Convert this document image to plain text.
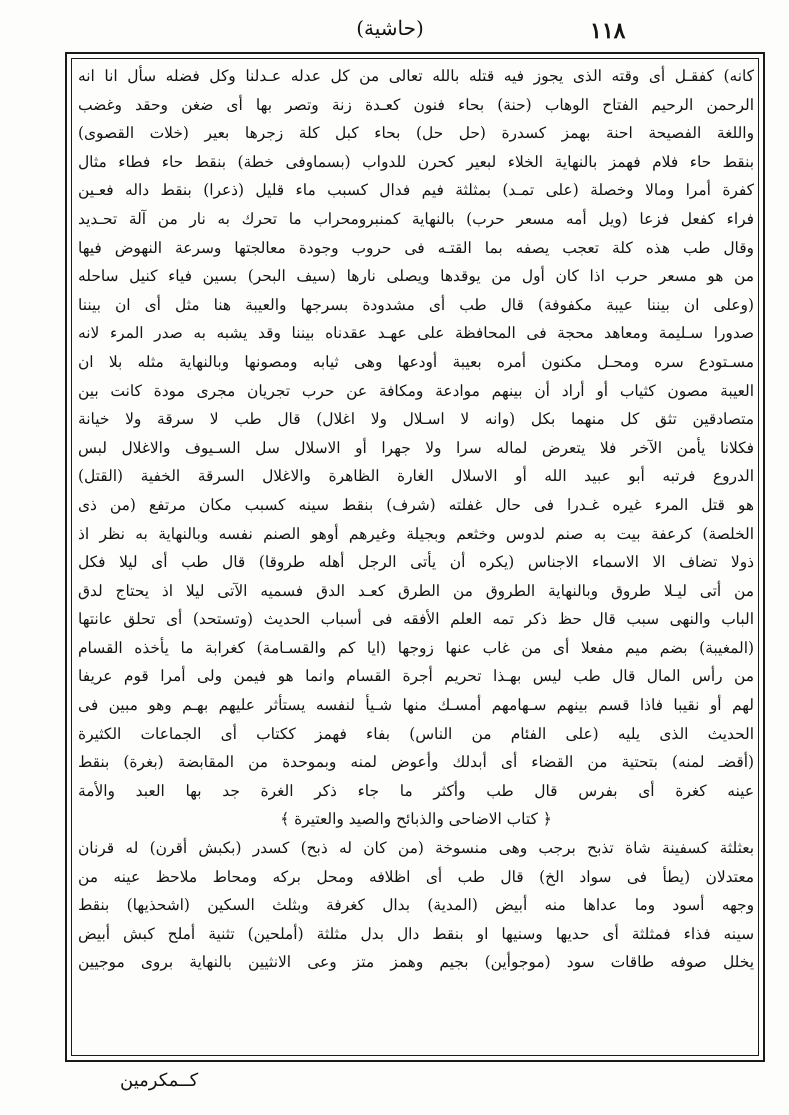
١١٨
(حاشية)
كانه) كفقـل أى وقته الذى يجوز فيه قتله بالله تعالى من كل عدله عـدلنا وكل فضله سأل انا انه
الرحمن الرحيم الفتاح الوهاب (حنة) بحاء فنون كعـدة زنة وتصر بها أى ضغن وحقد وغضب
واللغة الفصيحة احنة بهمز كسدرة (حل حل) بحاء كبل كلة زجرها بعير (خلات القصوى)
بنقط حاء فلام فهمز بالنهاية الخلاء لبعير كحرن للدواب (بسماوفى خطة) بنقط حاء فطاء مثال
كفرة أمرا ومالا وخصلة (على تمـد) بمثلثة فيم فدال كسبب ماء قليل (ذعرا) بنقط داله فعـين
فراء كفعل فزعا (ويل أمه مسعر حرب) بالنهاية كمنبرومحراب ما تحرك به نار من آلة تحـديد
وقال طب هذه كلة تعجب يصفه بما القتـه فى حروب وجودة معالجتها وسرعة النهوض فيها
من هو مسعر حرب اذا كان أول من يوقدها ويصلى نارها (سيف البحر) بسين فياء كنيل ساحله
(وعلى ان بيننا عيبة مكفوفة) قال طب أى مشدودة بسرجها والعيبة هنا مثل أى ان بيننا
صدورا سـليمة ومعاهد محجة فى المحافظة على عهـد عقدناه بيننا وقد يشبه به صدر المرء لانه
مسـتودع سره ومحـل مكنون أمره بعيبة أودعها وهى ثيابه ومصونها وبالنهاية مثله بلا ان
العيبة مصون كثياب أو أراد أن بينهم موادعة ومكافة عن حرب تجريان مجرى مودة كانت بين
متصادقين تثق كل منهما بكل (وانه لا اسـلال ولا اغلال) قال طب لا سرقة ولا خيانة
فكلانا يأمن الآخر فلا يتعرض لماله سرا ولا جهرا أو الاسلال سل السـيوف والاغلال لبس
الدروع فرتبه أبو عبيد الله أو الاسلال الغارة الظاهرة والاغلال السرقة الخفية (القتل)
هو قتل المرء غيره غـدرا فى حال غفلته (شرف) بنقط سينه كسبب مكان مرتفع (من ذى
الخلصة) كرعفة بيت به صنم لدوس وخثعم وبجيلة وغيرهم أوهو الصنم نفسه وبالنهاية به نظر اذ
ذولا تضاف الا الاسماء الاجناس (يكره أن يأتى الرجل أهله طروقا) قال طب أى ليلا فكل
من أتى ليـلا طروق وبالنهاية الطروق من الطرق كعـد الدق فسميه الآتى ليلا اذ يحتاج لدق
الباب والنهى سبب قال حظ ذكر تمه العلم الأفقه فى أسباب الحديث (وتستحد) أى تحلق عانتها
(المغيبة) بضم ميم مفعلا أى من غاب عنها زوجها (ايا كم والقسـامة) كغرابة ما يأخذه القسام
من رأس المال قال طب ليس بهـذا تحريم أجرة القسام وانما هو فيمن ولى أمرا قوم عريفا
لهم أو نقيبا فاذا قسم بينهم سـهامهم أمسـك منها شـيأ لنفسه يستأثر عليهم بهـم وهو مبين فى
الحديث الذى يليه (على الفئام من الناس) بفاء فهمز ككتاب أى الجماعات الكثيرة
(أقضـ لمنه) بتحتية من القضاء أى أبدلك وأعوض لمنه وبموحدة من المقابضة (بغرة) بنقط
عينه كغرة أى بفرس قال طب وأكثر ما جاء ذكر الغرة جد بها العبد والأمة
﴿ كتاب الاضاحى والذبائح والصيد والعتيرة ﴾
بعثلثة كسفينة شاة تذبح برجب وهى منسوخة (من كان له ذبح) كسدر (بكبش أقرن) له قرنان
معتدلان (يطأ فى سواد الخ) قال طب أى اظلافه ومحل بركه ومحاط ملاحظ عينه من
وجهه أسود وما عداها منه أبيض (المدية) بدال كغرفة وبثلث السكين (اشحذيها) بنقط
سينه فذاء فمثلثة أى حديها وسنيها او بنقط دال بدل مثلثة (أملحين) تثنية أملح كبش أبيض
يخلل صوفه طاقات سود (موجوأين) بجيم وهمز متز وعى الانثيين بالنهاية بروى موجيين
كــمكرمين
